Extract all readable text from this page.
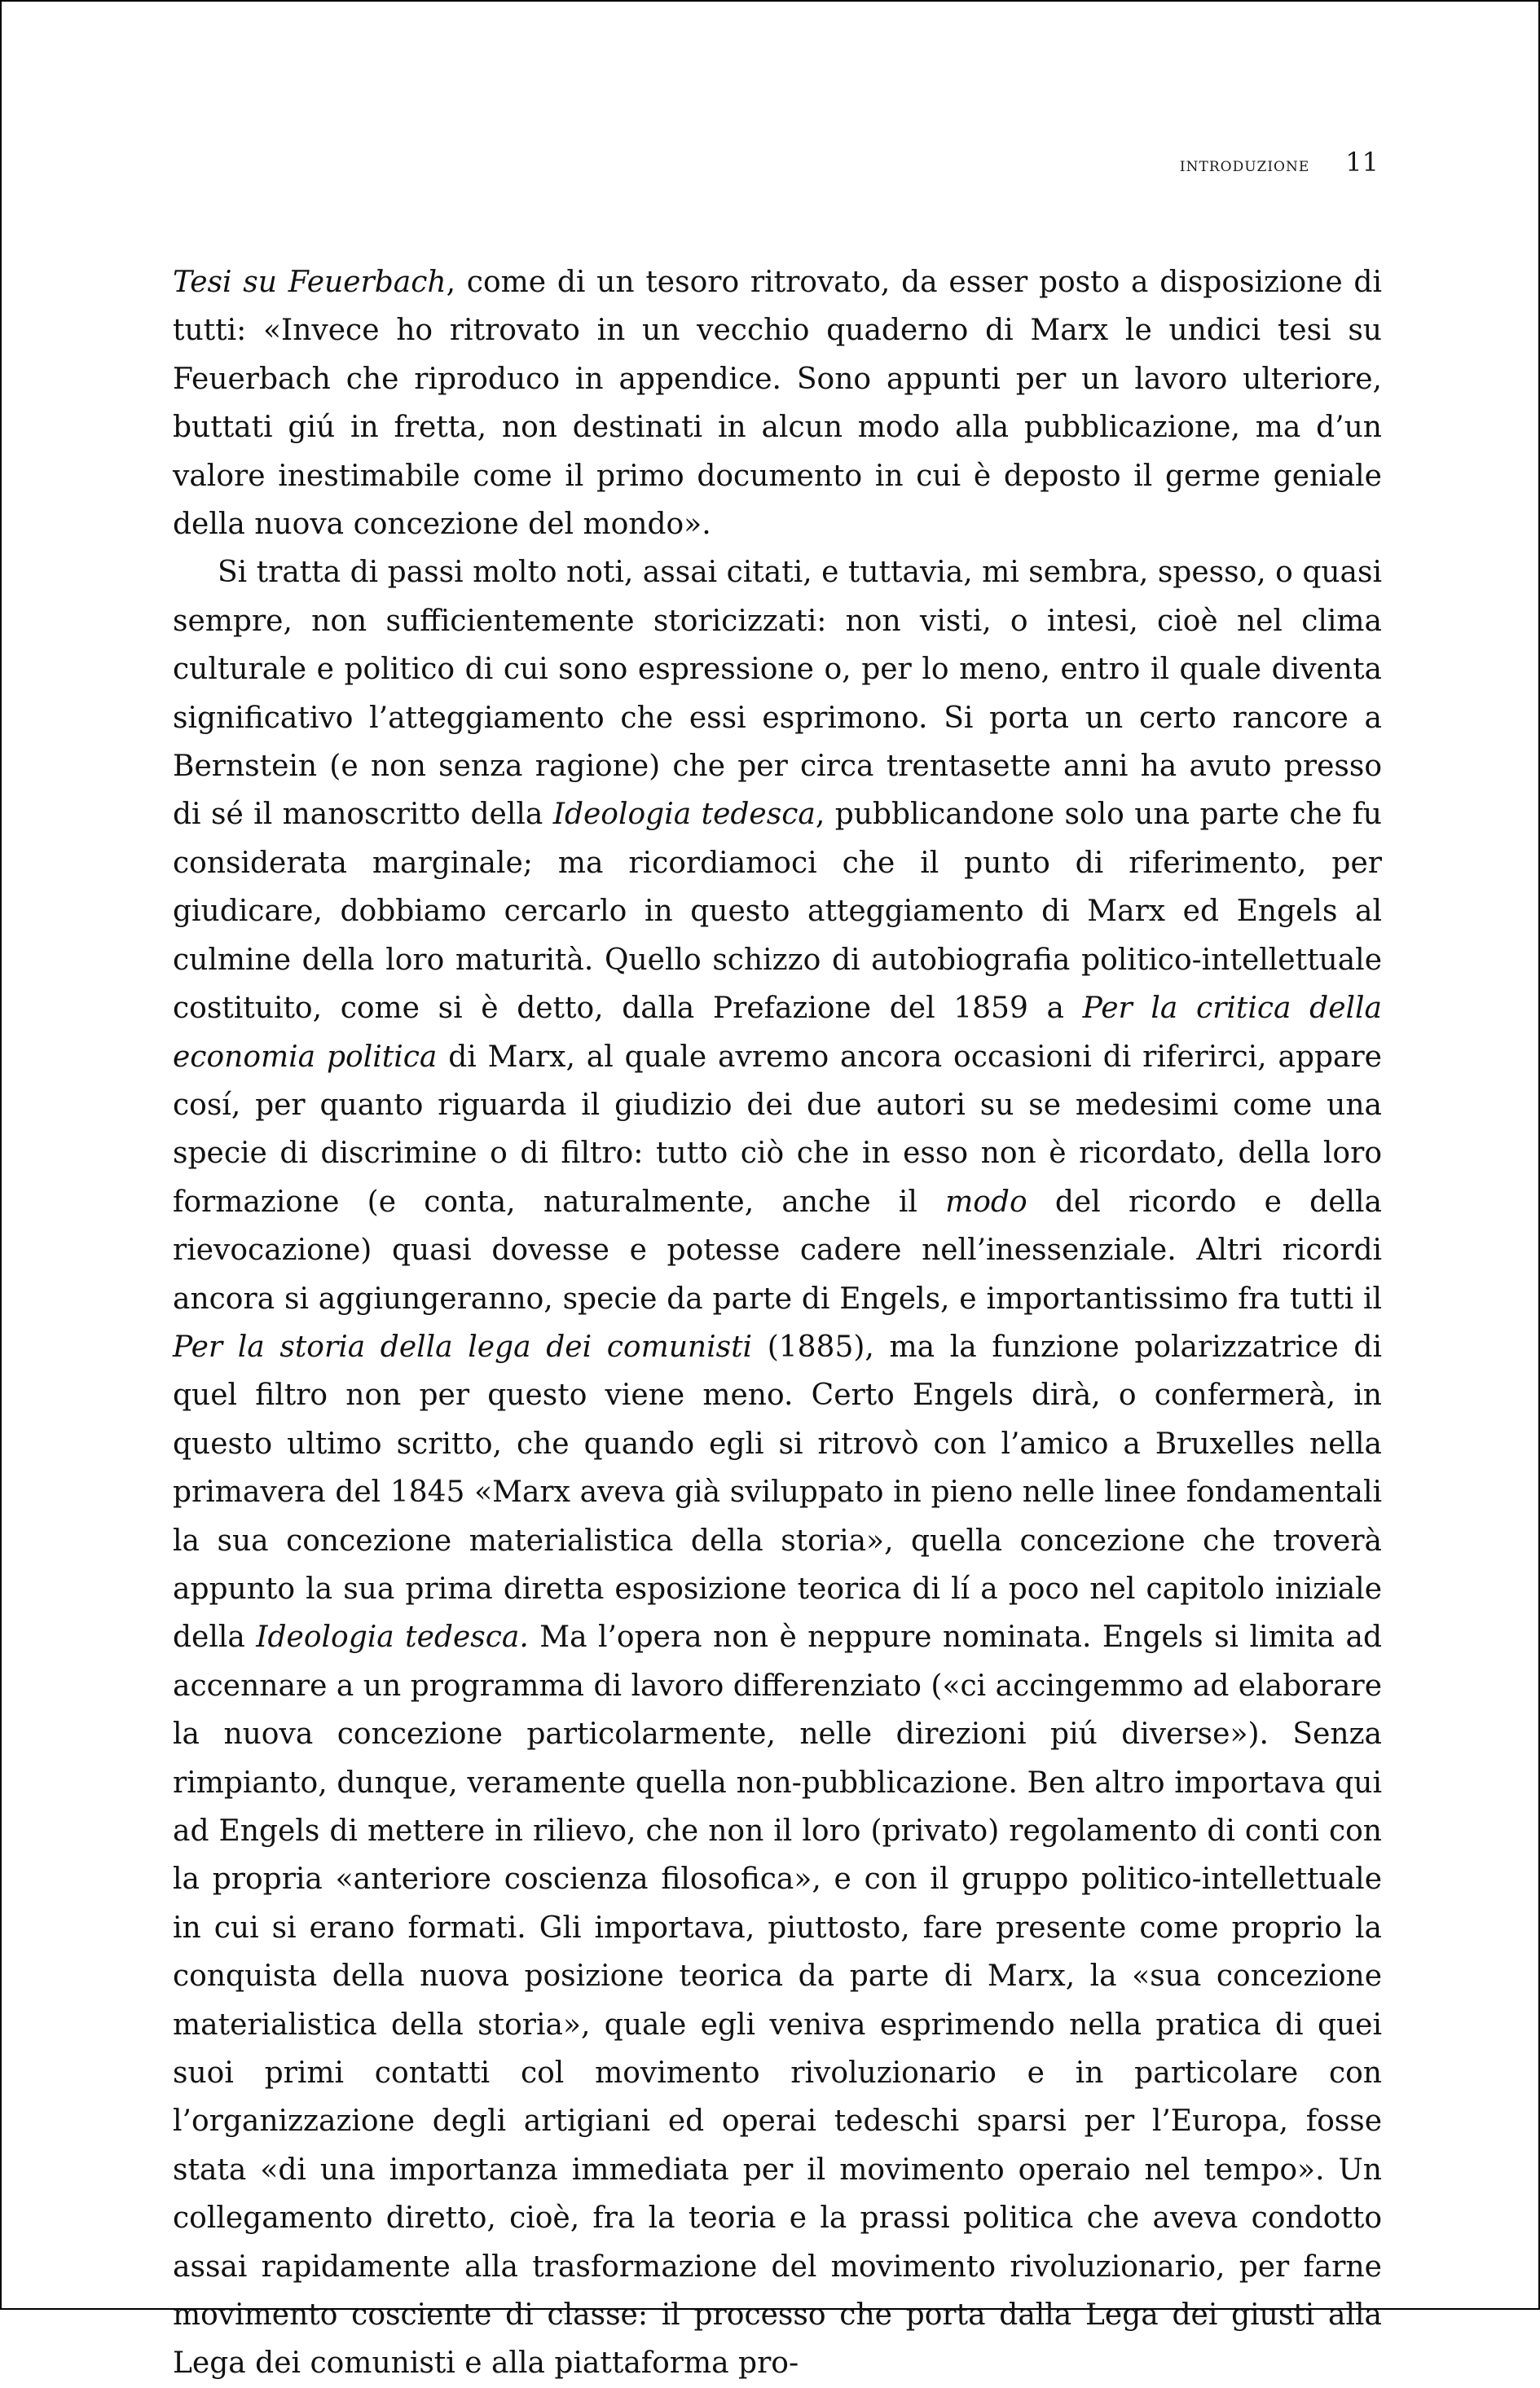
introduzione 11

Tesi su Feuerbach, come di un tesoro ritrovato, da esser posto a disposizione di tutti: «Invece ho ritrovato in un vecchio quaderno di Marx le undici tesi su Feuerbach che riproduco in appendice. Sono appunti per un lavoro ulteriore, buttati giú in fretta, non destinati in alcun modo alla pubblicazione, ma d’un valore inestimabile come il primo documento in cui è deposto il germe geniale della nuova concezione del mondo».

Si tratta di passi molto noti, assai citati, e tuttavia, mi sembra, spesso, o quasi sempre, non sufficientemente storicizzati: non visti, o intesi, cioè nel clima culturale e politico di cui sono espressione o, per lo meno, entro il quale diventa significativo l’atteggiamento che essi esprimono. Si porta un certo rancore a Bernstein (e non senza ragione) che per circa trentasette anni ha avuto presso di sé il manoscritto della Ideologia tedesca, pubblicandone solo una parte che fu considerata marginale; ma ricordiamoci che il punto di riferimento, per giudicare, dobbiamo cercarlo in questo atteggiamento di Marx ed Engels al culmine della loro maturità. Quello schizzo di autobiografia politico-intellettuale costituito, come si è detto, dalla Prefazione del 1859 a Per la critica della economia politica di Marx, al quale avremo ancora occasioni di riferirci, appare cosí, per quanto riguarda il giudizio dei due autori su se medesimi come una specie di discrimine o di filtro: tutto ciò che in esso non è ricordato, della loro formazione (e conta, naturalmente, anche il modo del ricordo e della rievocazione) quasi dovesse e potesse cadere nell’inessenziale. Altri ricordi ancora si aggiungeranno, specie da parte di Engels, e importantissimo fra tutti il Per la storia della lega dei comunisti (1885), ma la funzione polarizzatrice di quel filtro non per questo viene meno. Certo Engels dirà, o confermerà, in questo ultimo scritto, che quando egli si ritrovò con l’amico a Bruxelles nella primavera del 1845 «Marx aveva già sviluppato in pieno nelle linee fondamentali la sua concezione materialistica della storia», quella concezione che troverà appunto la sua prima diretta esposizione teorica di lí a poco nel capitolo iniziale della Ideologia tedesca. Ma l’opera non è neppure nominata. Engels si limita ad accennare a un programma di lavoro differenziato («ci accingemmo ad elaborare la nuova concezione particolarmente, nelle direzioni piú diverse»). Senza rimpianto, dunque, veramente quella non-pubblicazione. Ben altro importava qui ad Engels di mettere in rilievo, che non il loro (privato) regolamento di conti con la propria «anteriore coscienza filosofica», e con il gruppo politico-intellettuale in cui si erano formati. Gli importava, piuttosto, fare presente come proprio la conquista della nuova posizione teorica da parte di Marx, la «sua concezione materialistica della storia», quale egli veniva esprimendo nella pratica di quei suoi primi contatti col movimento rivoluzionario e in particolare con l’organizzazione degli artigiani ed operai tedeschi sparsi per l’Europa, fosse stata «di una importanza immediata per il movimento operaio nel tempo». Un collegamento diretto, cioè, fra la teoria e la prassi politica che aveva condotto assai rapidamente alla trasformazione del movimento rivoluzionario, per farne movimento cosciente di classe: il processo che porta dalla Lega dei giusti alla Lega dei comunisti e alla piattaforma pro-
